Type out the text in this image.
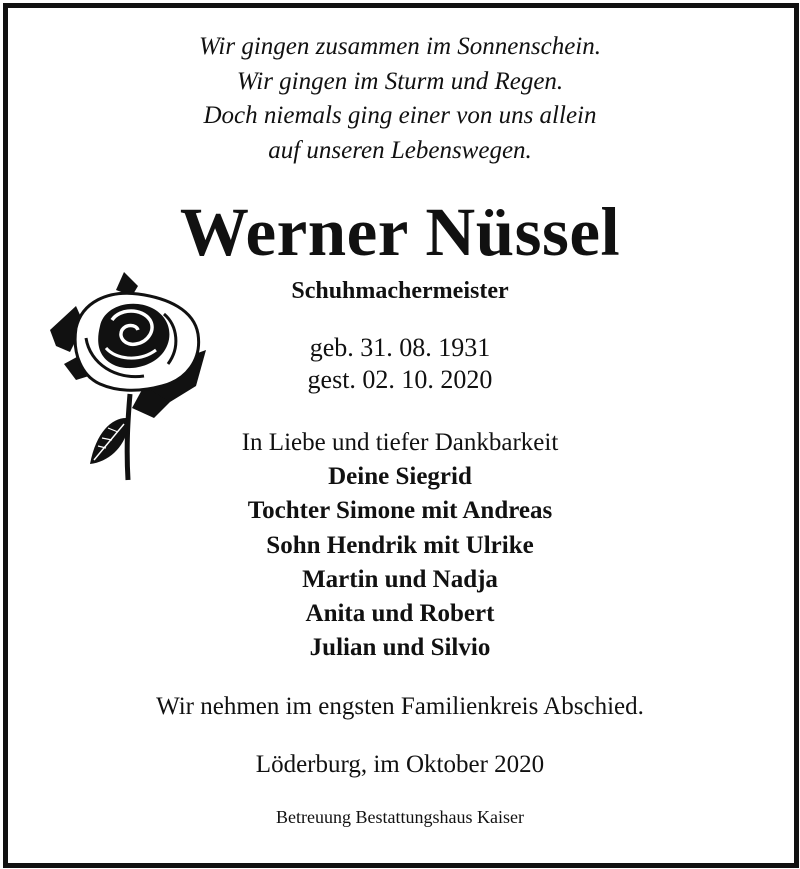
Wir gingen zusammen im Sonnenschein.
Wir gingen im Sturm und Regen.
Doch niemals ging einer von uns allein
auf unseren Lebenswegen.
Werner Nüssel
Schuhmachermeister
geb. 31. 08. 1931
gest. 02. 10. 2020
In Liebe und tiefer Dankbarkeit
Deine Siegrid
Tochter Simone mit Andreas
Sohn Hendrik mit Ulrike
Martin und Nadja
Anita und Robert
Julian und Silvio
Wir nehmen im engsten Familienkreis Abschied.
Löderburg, im Oktober 2020
Betreuung Bestattungshaus Kaiser
